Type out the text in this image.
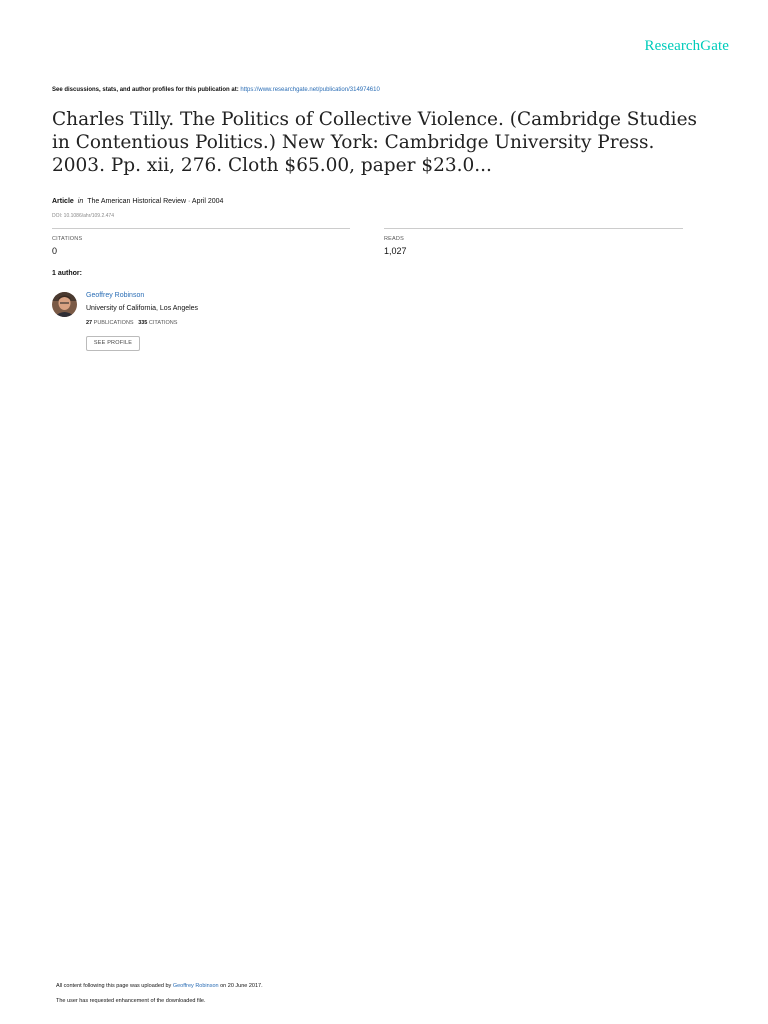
ResearchGate
See discussions, stats, and author profiles for this publication at: https://www.researchgate.net/publication/314974610
Charles Tilly. The Politics of Collective Violence. (Cambridge Studies in Contentious Politics.) New York: Cambridge University Press. 2003. Pp. xii, 276. Cloth $65.00, paper $23.0...
Article in The American Historical Review · April 2004
DOI: 10.1086/ahr/109.2.474
CITATIONS
0
READS
1,027
1 author:
Geoffrey Robinson
University of California, Los Angeles
27 PUBLICATIONS 335 CITATIONS
SEE PROFILE
All content following this page was uploaded by Geoffrey Robinson on 20 June 2017.
The user has requested enhancement of the downloaded file.
